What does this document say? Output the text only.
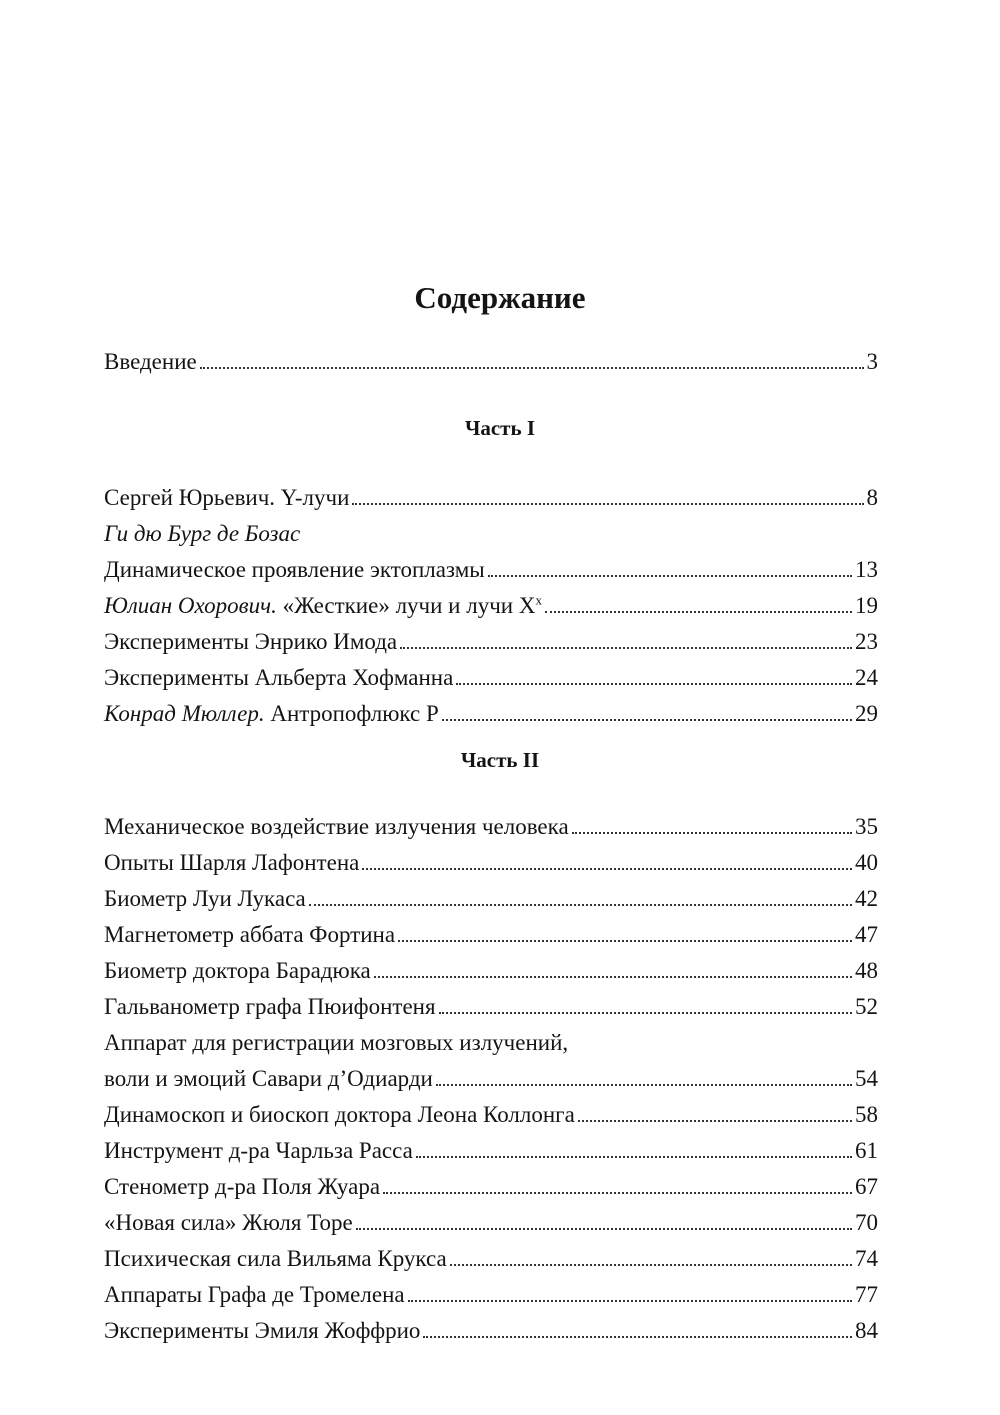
Содержание
Введение	3
Часть I
Сергей Юрьевич. Y-лучи	8
Ги дю Бург де Бозас
Динамическое проявление эктоплазмы	13
Юлиан Охорович. «Жесткие» лучи и лучи $X^x$	19
Эксперименты Энрико Имода	23
Эксперименты Альберта Хофманна	24
Конрад Мюллер. Антропофлюкс Р	29
Часть II
Механическое воздействие излучения человека	35
Опыты Шарля Лафонтена	40
Биометр Луи Лукаса	42
Магнетометр аббата Фортина	47
Биометр доктора Барадюка	48
Гальванометр графа Пюифонтеня	52
Аппарат для регистрации мозговых излучений,
воли и эмоций Савари д’Одиарди	54
Динамоскоп и биоскоп доктора Леона Коллонга	58
Инструмент д-ра Чарльза Расса	61
Стенометр д-ра Поля Жуара	67
«Новая сила» Жюля Торе	70
Психическая сила Вильяма Крукса	74
Аппараты Графа де Тромелена	77
Эксперименты Эмиля Жоффрио	84
